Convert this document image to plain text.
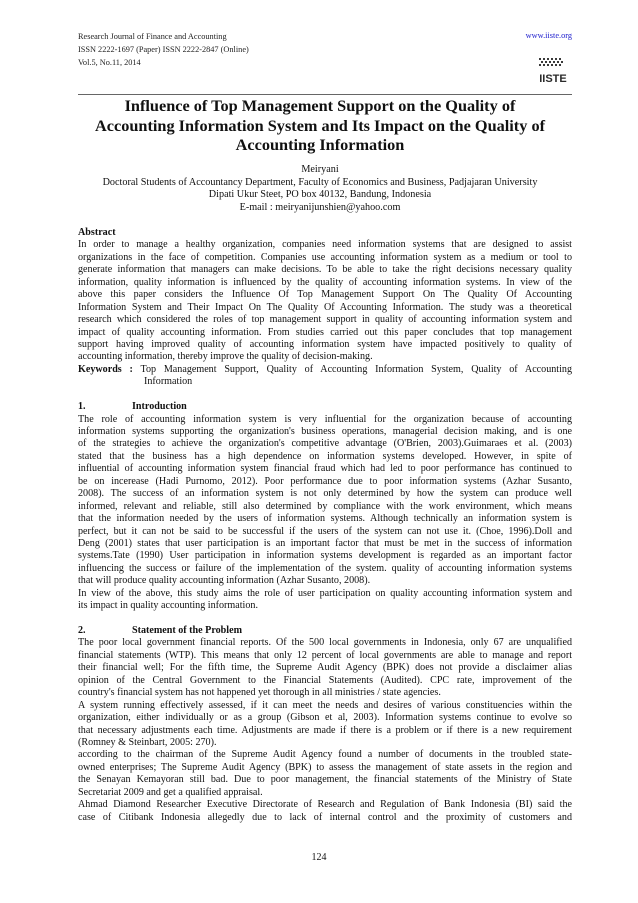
Research Journal of Finance and Accounting
ISSN 2222-1697 (Paper) ISSN 2222-2847 (Online)
Vol.5, No.11, 2014
www.iiste.org
IISTE
Influence of Top Management Support on the Quality of
Accounting Information System and Its Impact on the Quality of
Accounting Information
Meiryani
Doctoral Students of Accountancy Department, Faculty of Economics and Business, Padjajaran University
Dipati Ukur Steet, PO box 40132, Bandung, Indonesia
E-mail : meiryanijunshien@yahoo.com
Abstract
In order to manage a healthy organization, companies need information systems that are designed to assist
organizations in the face of competition. Companies use accounting information system as a medium or tool to
generate information that managers can make decisions. To be able to take the right decisions necessary quality
information, quality information is influenced by the quality of accounting information systems. In view of the
above this paper considers the Influence Of Top Management Support On The Quality Of Accounting
Information System and Their Impact On The Quality Of Accounting Information. The study was a theoretical
research which considered the roles of top management support in quality of accounting information system and
impact of quality accounting information. From studies carried out this paper concludes that top management
support having improved quality of accounting information system have impacted positively to quality of
accounting information, thereby improve the quality of decision-making.
Keywords : Top Management Support, Quality of Accounting Information System, Quality of Accounting
Information
1.	Introduction
The role of accounting information system is very influential for the organization because of accounting
information systems supporting the organization's business operations, managerial decision making, and is one
of the strategies to achieve the organization's competitive advantage (O'Brien, 2003).Guimaraes et al. (2003)
stated that the business has a high dependence on information systems developed. However, in spite of
influential of accounting information system financial fraud which had led to poor performance has continued to
be on incerease (Hadi Purnomo, 2012). Poor performance due to poor information systems (Azhar Susanto,
2008). The success of an information system is not only determined by how the system can produce well
informed, relevant and reliable, still also determined by compliance with the work environment, which means
that the information needed by the users of information systems. Although technically an information system is
perfect, but it can not be said to be successful if the users of the system can not use it. (Choe, 1996).Doll and
Deng (2001) states that user participation is an important factor that must be met in the success of information
systems.Tate (1990) User participation in information systems development is regarded as an important factor
influencing the success or failure of the implementation of the system. quality of accounting information systems
that will produce quality accounting information (Azhar Susanto, 2008).
In view of the above, this study aims the role of user participation on quality accounting information system and
its impact in quality accounting information.
2.	Statement of the Problem
The poor local government financial reports. Of the 500 local governments in Indonesia, only 67 are unqualified
financial statements (WTP). This means that only 12 percent of local governments are able to manage and report
their financial well; For the fifth time, the Supreme Audit Agency (BPK) does not provide a disclaimer alias
opinion of the Central Government to the Financial Statements (Audited). CPC rate, improvement of the
country's financial system has not happened yet thorough in all ministries / state agencies.
A system running effectively assessed, if it can meet the needs and desires of various constituencies within the
organization, either individually or as a group (Gibson et al, 2003). Information systems continue to evolve so
that necessary adjustments each time. Adjustments are made if there is a problem or if there is a new requirement
(Romney & Steinbart, 2005: 270).
according to the chairman of the Supreme Audit Agency found a number of documents in the troubled state-
owned enterprises; The Supreme Audit Agency (BPK) to assess the management of state assets in the region and
the Senayan Kemayoran still bad. Due to poor management, the financial statements of the Ministry of State
Secretariat 2009 and get a qualified appraisal.
Ahmad Diamond Researcher Executive Directorate of Research and Regulation of Bank Indonesia (BI) said the
case of Citibank Indonesia allegedly due to lack of internal control and the proximity of customers and
124
